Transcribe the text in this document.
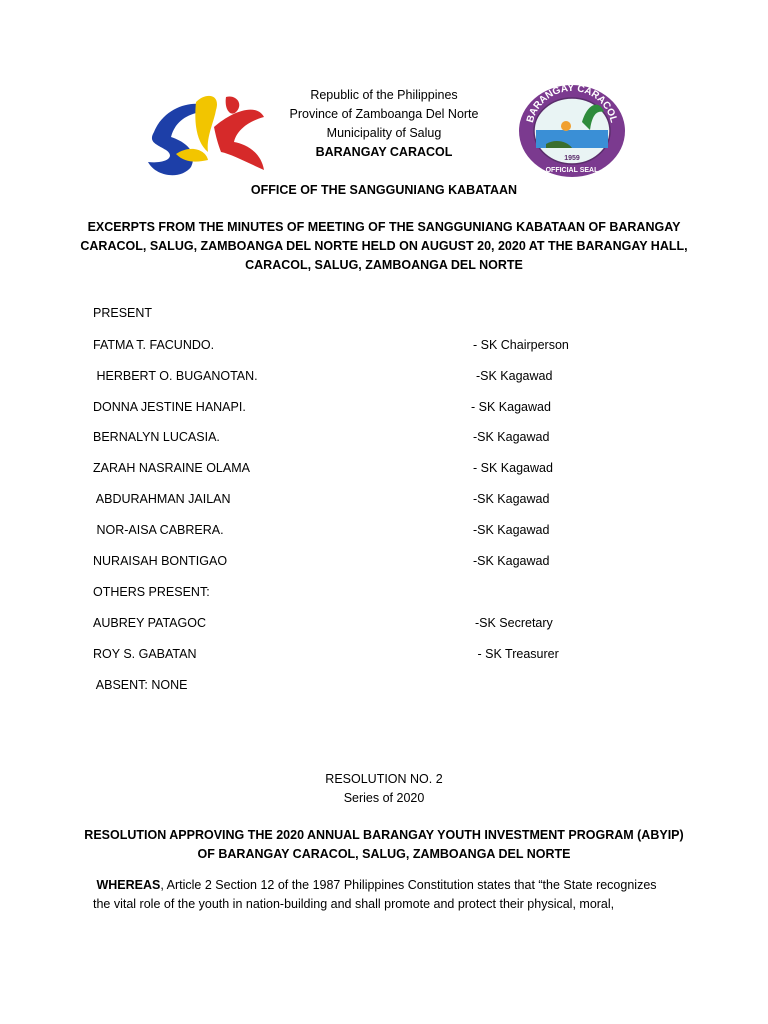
BARANGAY CARACOL
1959
OFFICIAL SEAL
Republic of the Philippines
Province of Zamboanga Del Norte
Municipality of Salug
BARANGAY CARACOL
OFFICE OF THE SANGGUNIANG KABATAAN
EXCERPTS FROM THE MINUTES OF MEETING OF THE SANGGUNIANG KABATAAN OF BARANGAY
CARACOL, SALUG, ZAMBOANGA DEL NORTE HELD ON AUGUST 20, 2020 AT THE BARANGAY HALL,
CARACOL, SALUG, ZAMBOANGA DEL NORTE
PRESENT
FATMA T. FACUNDO.	- SK Chairperson
HERBERT O. BUGANOTAN.	-SK Kagawad
DONNA JESTINE HANAPI.	- SK Kagawad
BERNALYN LUCASIA.	-SK Kagawad
ZARAH NASRAINE OLAMA	- SK Kagawad
ABDURAHMAN JAILAN	-SK Kagawad
NOR-AISA CABRERA.	-SK Kagawad
NURAISAH BONTIGAO	-SK Kagawad
OTHERS PRESENT:
AUBREY PATAGOC	-SK Secretary
ROY S. GABATAN	- SK Treasurer
ABSENT: NONE
RESOLUTION NO. 2
Series of 2020
RESOLUTION APPROVING THE 2020 ANNUAL BARANGAY YOUTH INVESTMENT PROGRAM (ABYIP)
OF BARANGAY CARACOL, SALUG, ZAMBOANGA DEL NORTE
WHEREAS, Article 2 Section 12 of the 1987 Philippines Constitution states that “the State recognizes
the vital role of the youth in nation-building and shall promote and protect their physical, moral,
